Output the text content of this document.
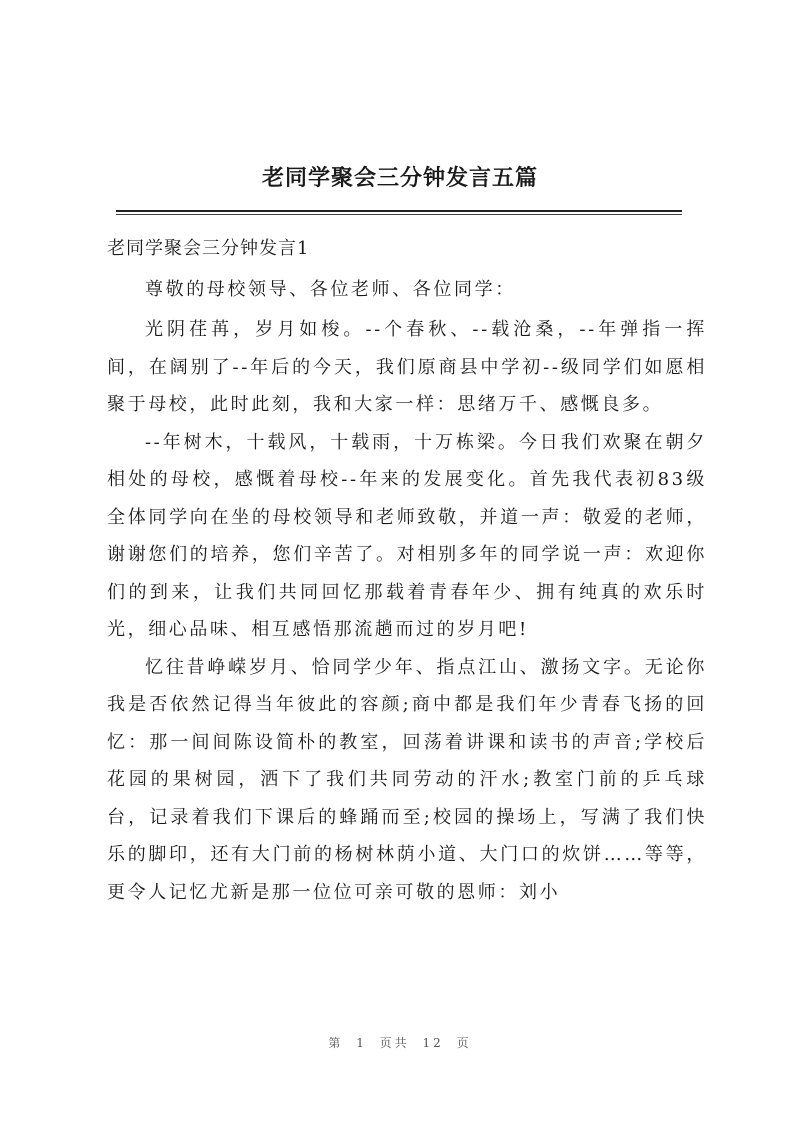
老同学聚会三分钟发言五篇
老同学聚会三分钟发言1

尊敬的母校领导、各位老师、各位同学：

光阴荏苒，岁月如梭。--个春秋、--载沧桑，--年弹指一挥间，在阔别了--年后的今天，我们原商县中学初--级同学们如愿相聚于母校，此时此刻，我和大家一样：思绪万千、感慨良多。

--年树木，十载风，十载雨，十万栋梁。今日我们欢聚在朝夕相处的母校，感慨着母校--年来的发展变化。首先我代表初83级全体同学向在坐的母校领导和老师致敬，并道一声：敬爱的老师，谢谢您们的培养，您们辛苦了。对相别多年的同学说一声：欢迎你们的到来，让我们共同回忆那载着青春年少、拥有纯真的欢乐时光，细心品味、相互感悟那流趟而过的岁月吧!

忆往昔峥嵘岁月、恰同学少年、指点江山、激扬文字。无论你我是否依然记得当年彼此的容颜;商中都是我们年少青春飞扬的回忆：那一间间陈设简朴的教室，回荡着讲课和读书的声音;学校后花园的果树园，洒下了我们共同劳动的汗水;教室门前的乒乓球台，记录着我们下课后的蜂踊而至;校园的操场上，写满了我们快乐的脚印，还有大门前的杨树林荫小道、大门口的炊饼……等等，更令人记忆尤新是那一位位可亲可敬的恩师：刘小

第 1 页共 12 页
